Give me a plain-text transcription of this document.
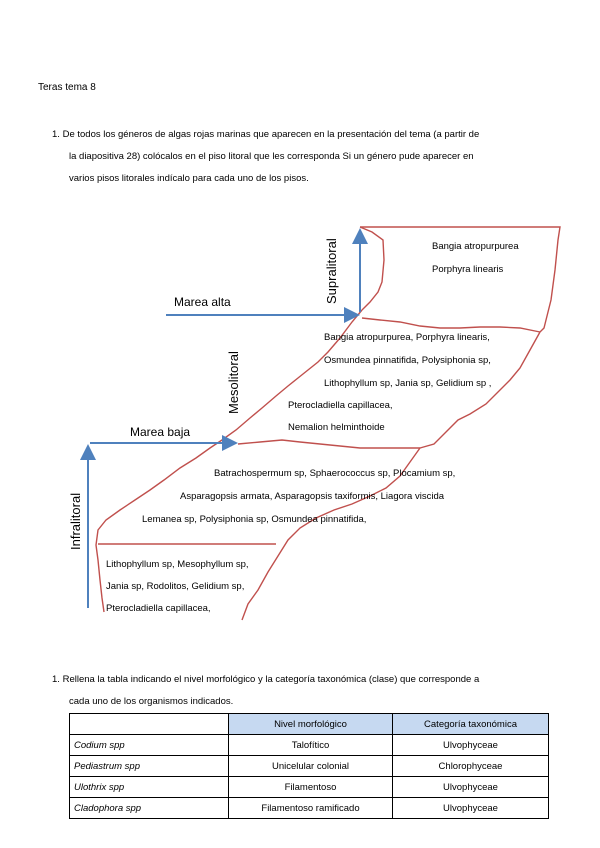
Teras tema 8
1. De todos los géneros de algas rojas marinas que aparecen en la presentación del tema (a partir de
la diapositiva 28) colócalos en el piso litoral que les corresponda Si un género pude aparecer en
varios pisos litorales indícalo para cada uno de los pisos.
Supralitoral
Mesolitoral
Infralitoral
Marea alta
Marea baja
Bangia atropurpurea
Porphyra linearis
Bangia atropurpurea, Porphyra linearis,
Osmundea pinnatifida, Polysiphonia sp,
Lithophyllum sp, Jania sp, Gelidium sp ,
Pterocladiella capillacea,
Nemalion helminthoide
Batrachospermum sp, Sphaerococcus sp, Plocamium sp,
Asparagopsis armata, Asparagopsis taxiformis, Liagora viscida
Lemanea sp, Polysiphonia sp, Osmundea pinnatifida,
Lithophyllum sp, Mesophyllum sp,
Jania sp, Rodolitos, Gelidium sp,
Pterocladiella capillacea,
1. Rellena la tabla indicando el nivel morfológico y la categoría taxonómica (clase) que corresponde a
cada uno de los organismos indicados.
	Nivel morfológico	Categoría taxonómica
Codium spp	Talofítico	Ulvophyceae
Pediastrum spp	Unicelular colonial	Chlorophyceae
Ulothrix spp	Filamentoso	Ulvophyceae
Cladophora spp	Filamentoso ramificado	Ulvophyceae
